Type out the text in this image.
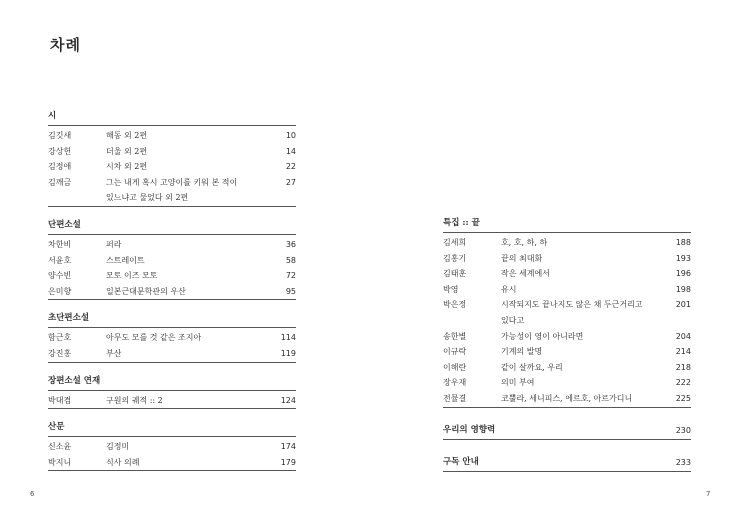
차례
시
김깃새	해동 외 2편	10
강상헌	더울 외 2편	14
김정애	시차 외 2편	22
김깨금	그는 내게 혹시 고양이를 키워 본 적이	27
있느냐고 물었다 외 2편
단편소설
차한비	퍼라	36
서윤호	스트레이트	58
양수빈	모토 이즈 모토	72
은미향	일본근대문학관의 우산	95
초단편소설
함근호	아무도 모를 것 같은 조지아	114
강진홍	부산	119
장편소설 연재
박대겸	구원의 궤적 :: 2	124
산문
신소윤	김정미	174
박지니	식사 의례	179
특집 :: 끝
김세희	호, 호, 하, 하	188
김홍기	끝의 최대화	193
김태훈	작은 세계에서	196
박영	유시	198
박은정	시작되지도 끝나지도 않은 채 두근거리고	201
있다고
송한별	가능성이 영이 아니라면	204
이규락	기계의 발명	214
이해란	같이 살까요, 우리	218
장우재	의미 부여	222
전뮬결	코뿔라, 세니피스, 에르호, 아르가디니	225
우리의 영향력	230
구독 안내	233
6	7
